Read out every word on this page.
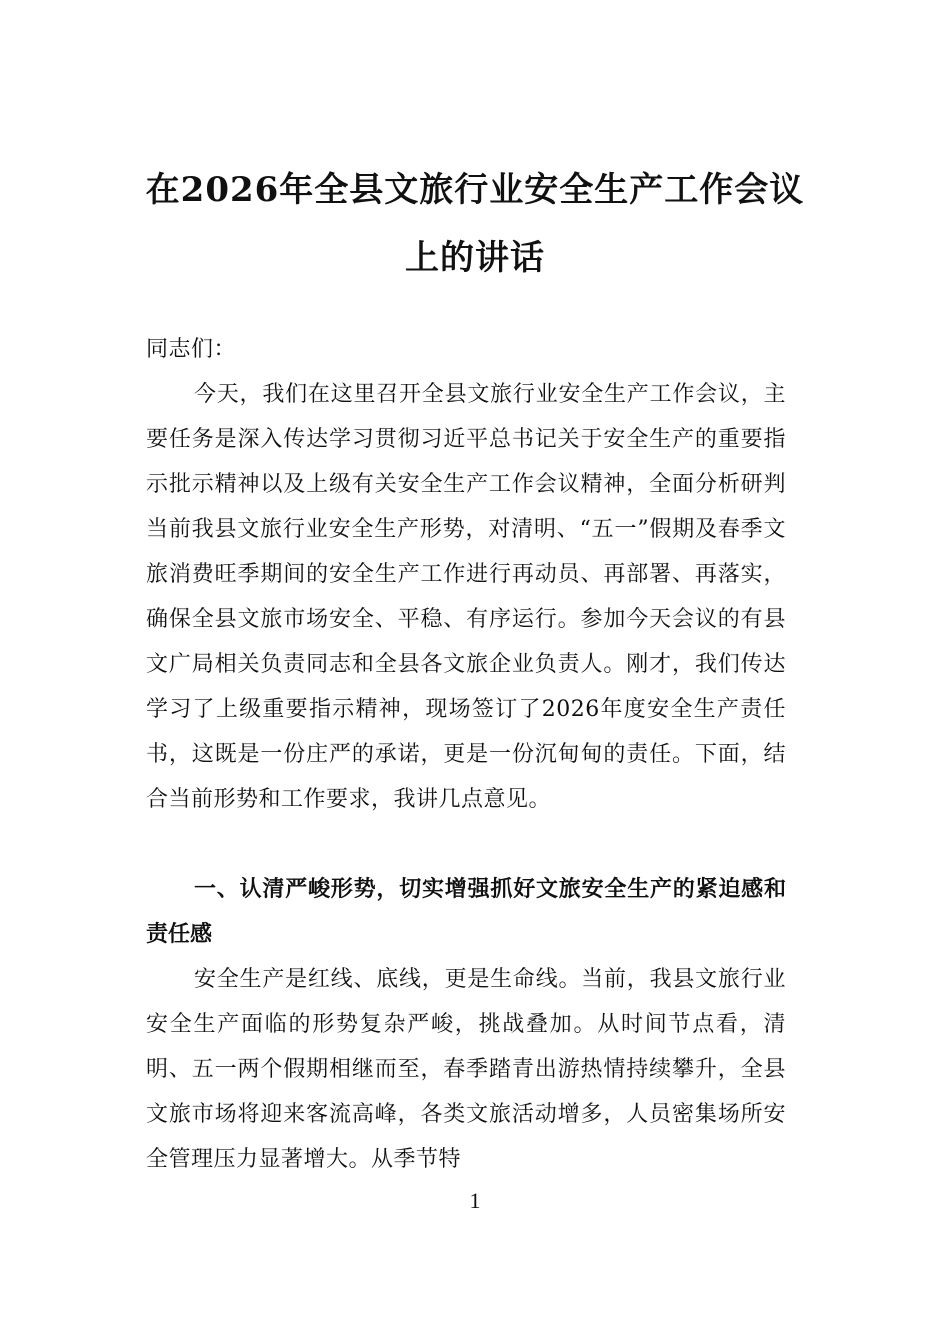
在2026年全县文旅行业安全生产工作会议
上的讲话
同志们：
今天，我们在这里召开全县文旅行业安全生产工作会议，主要任务是深入传达学习贯彻习近平总书记关于安全生产的重要指示批示精神以及上级有关安全生产工作会议精神，全面分析研判当前我县文旅行业安全生产形势，对清明、“五一”假期及春季文旅消费旺季期间的安全生产工作进行再动员、再部署、再落实，确保全县文旅市场安全、平稳、有序运行。参加今天会议的有县文广局相关负责同志和全县各文旅企业负责人。刚才，我们传达学习了上级重要指示精神，现场签订了2026年度安全生产责任书，这既是一份庄严的承诺，更是一份沉甸甸的责任。下面，结合当前形势和工作要求，我讲几点意见。
一、认清严峻形势，切实增强抓好文旅安全生产的紧迫感和责任感
安全生产是红线、底线，更是生命线。当前，我县文旅行业安全生产面临的形势复杂严峻，挑战叠加。从时间节点看，清明、五一两个假期相继而至，春季踏青出游热情持续攀升，全县文旅市场将迎来客流高峰，各类文旅活动增多，人员密集场所安全管理压力显著增大。从季节特
1
